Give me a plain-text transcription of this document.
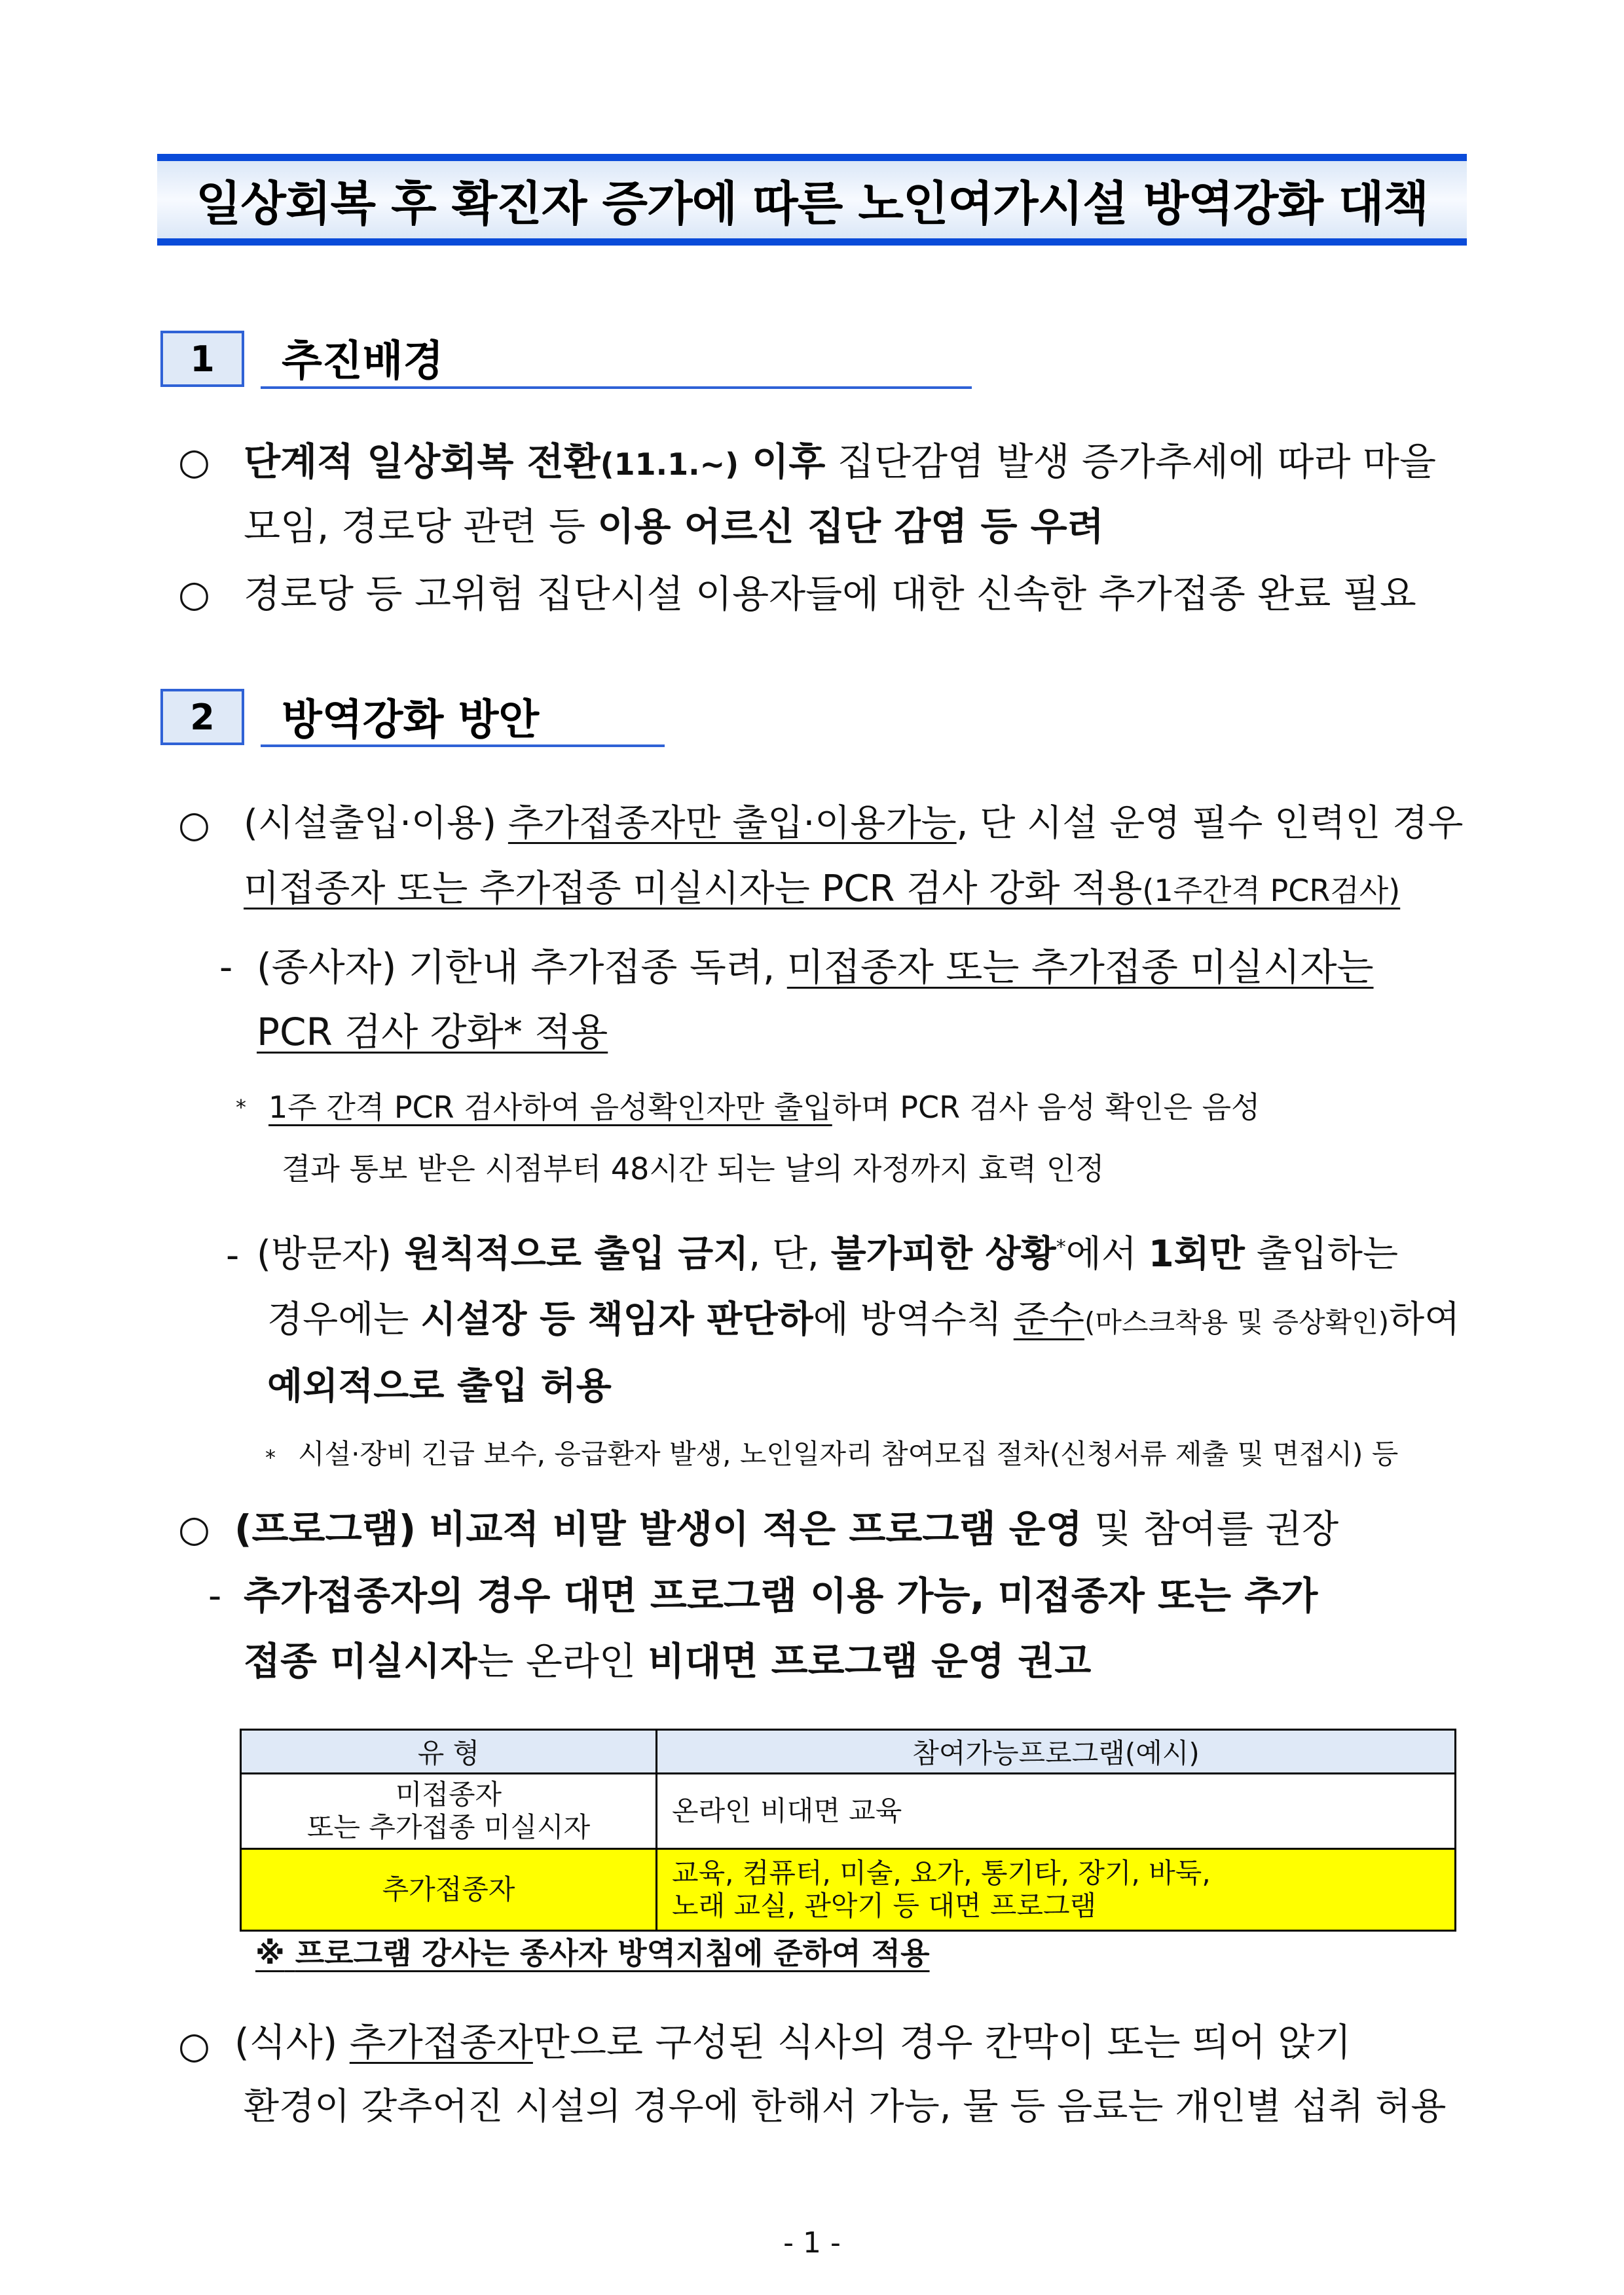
일상회복 후 확진자 증가에 따른 노인여가시설 방역강화 대책
1	추진배경
○ 단계적 일상회복 전환(11.1.~) 이후 집단감염 발생 증가추세에 따라 마을
모임, 경로당 관련 등 이용 어르신 집단 감염 등 우려
○ 경로당 등 고위험 집단시설 이용자들에 대한 신속한 추가접종 완료 필요
2	방역강화 방안
○ (시설출입·이용) 추가접종자만 출입·이용가능, 단 시설 운영 필수 인력인 경우
미접종자 또는 추가접종 미실시자는 PCR 검사 강화 적용(1주간격 PCR검사)
- (종사자) 기한내 추가접종 독려, 미접종자 또는 추가접종 미실시자는
PCR 검사 강화* 적용
* 1주 간격 PCR 검사하여 음성확인자만 출입하며 PCR 검사 음성 확인은 음성
결과 통보 받은 시점부터 48시간 되는 날의 자정까지 효력 인정
- (방문자) 원칙적으로 출입 금지, 단, 불가피한 상황*에서 1회만 출입하는
경우에는 시설장 등 책임자 판단하에 방역수칙 준수(마스크착용 및 증상확인)하여
예외적으로 출입 허용
* 시설·장비 긴급 보수, 응급환자 발생, 노인일자리 참여모집 절차(신청서류 제출 및 면접시) 등
○ (프로그램) 비교적 비말 발생이 적은 프로그램 운영 및 참여를 권장
- 추가접종자의 경우 대면 프로그램 이용 가능, 미접종자 또는 추가
접종 미실시자는 온라인 비대면 프로그램 운영 권고
유 형	참여가능프로그램(예시)

미접종자
또는 추가접종 미실시자	온라인 비대면 교육

추가접종자	교육, 컴퓨터, 미술, 요가, 통기타, 장기, 바둑,
노래 교실, 관악기 등 대면 프로그램
※ 프로그램 강사는 종사자 방역지침에 준하여 적용
○ (식사) 추가접종자만으로 구성된 식사의 경우 칸막이 또는 띄어 앉기
환경이 갖추어진 시설의 경우에 한해서 가능, 물 등 음료는 개인별 섭취 허용
- 1 -
